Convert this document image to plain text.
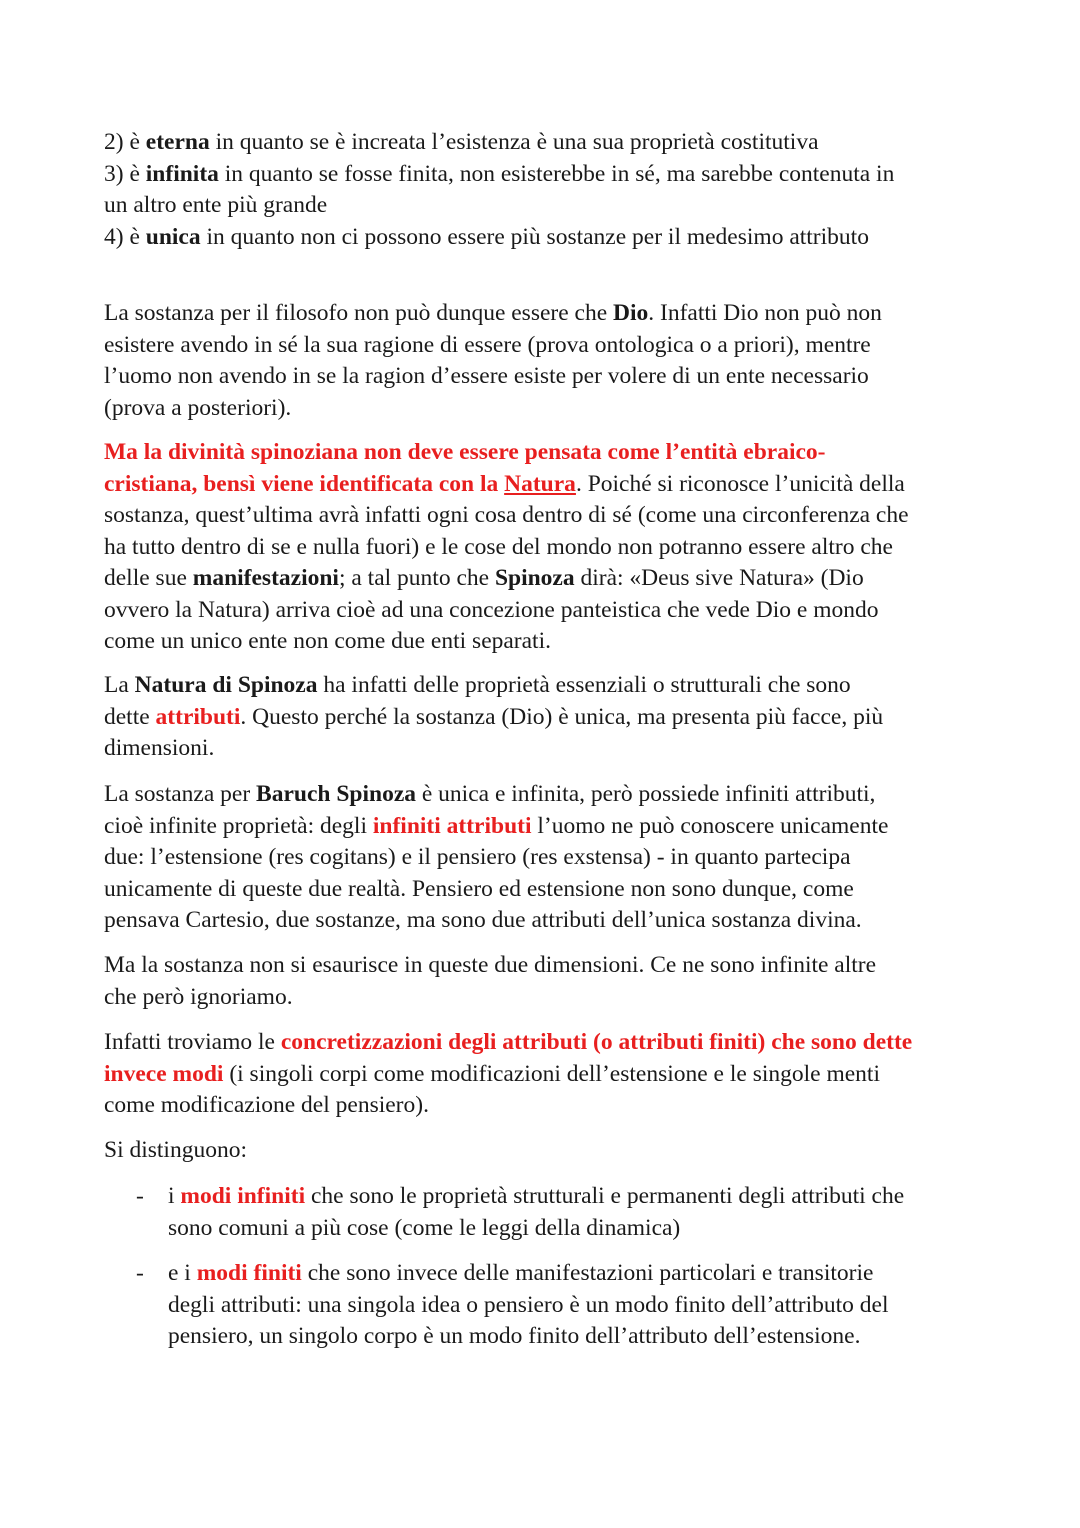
2) è eterna in quanto se è increata l’esistenza è una sua proprietà costitutiva
3) è infinita in quanto se fosse finita, non esisterebbe in sé, ma sarebbe contenuta in
un altro ente più grande
4) è unica in quanto non ci possono essere più sostanze per il medesimo attributo
La sostanza per il filosofo non può dunque essere che Dio. Infatti Dio non può non
esistere avendo in sé la sua ragione di essere (prova ontologica o a priori), mentre
l’uomo non avendo in se la ragion d’essere esiste per volere di un ente necessario
(prova a posteriori).
Ma la divinità spinoziana non deve essere pensata come l’entità ebraico-
cristiana, bensì viene identificata con la Natura. Poiché si riconosce l’unicità della
sostanza, quest’ultima avrà infatti ogni cosa dentro di sé (come una circonferenza che
ha tutto dentro di se e nulla fuori) e le cose del mondo non potranno essere altro che
delle sue manifestazioni; a tal punto che Spinoza dirà: «Deus sive Natura» (Dio
ovvero la Natura) arriva cioè ad una concezione panteistica che vede Dio e mondo
come un unico ente non come due enti separati.
La Natura di Spinoza ha infatti delle proprietà essenziali o strutturali che sono
dette attributi. Questo perché la sostanza (Dio) è unica, ma presenta più facce, più
dimensioni.
La sostanza per Baruch Spinoza è unica e infinita, però possiede infiniti attributi,
cioè infinite proprietà: degli infiniti attributi l’uomo ne può conoscere unicamente
due: l’estensione (res cogitans) e il pensiero (res exstensa) - in quanto partecipa
unicamente di queste due realtà. Pensiero ed estensione non sono dunque, come
pensava Cartesio, due sostanze, ma sono due attributi dell’unica sostanza divina.
Ma la sostanza non si esaurisce in queste due dimensioni. Ce ne sono infinite altre
che però ignoriamo.
Infatti troviamo le concretizzazioni degli attributi (o attributi finiti) che sono dette
invece modi (i singoli corpi come modificazioni dell’estensione e le singole menti
come modificazione del pensiero).
Si distinguono:
- i modi infiniti che sono le proprietà strutturali e permanenti degli attributi che
sono comuni a più cose (come le leggi della dinamica)
- e i modi finiti che sono invece delle manifestazioni particolari e transitorie
degli attributi: una singola idea o pensiero è un modo finito dell’attributo del
pensiero, un singolo corpo è un modo finito dell’attributo dell’estensione.
